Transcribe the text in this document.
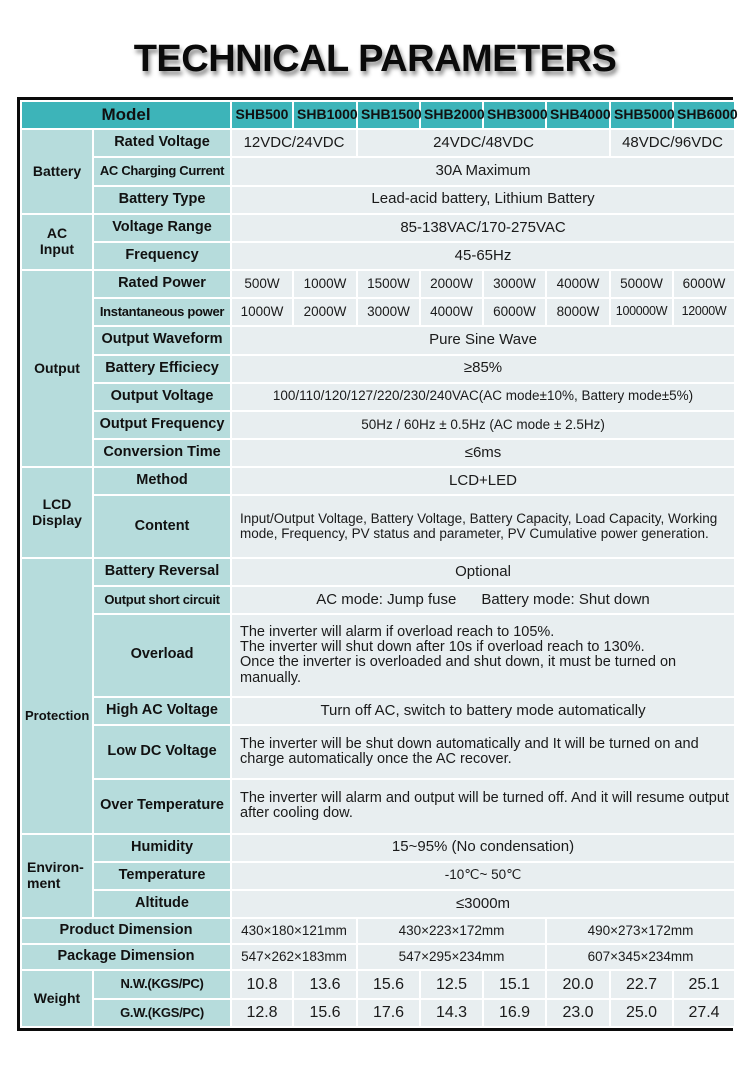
TECHNICAL PARAMETERS
Model		SHB500	SHB1000	SHB1500	SHB2000	SHB3000	SHB4000	SHB5000	SHB6000
Battery	Rated Voltage	12VDC/24VDC		24VDC/48VDC				48VDC/96VDC	
	AC Charging Current	30A Maximum							
	Battery Type	Lead-acid battery, Lithium Battery							
AC
Input	Voltage Range	85-138VAC/170-275VAC							
	Frequency	45-65Hz							
Output	Rated Power	500W	1000W	1500W	2000W	3000W	4000W	5000W	6000W
	Instantaneous power	1000W	2000W	3000W	4000W	6000W	8000W	100000W	12000W
	Output Waveform	Pure Sine Wave							
	Battery Efficiecy	≥85%							
	Output Voltage	100/110/120/127/220/230/240VAC(AC mode±10%, Battery mode±5%)							
	Output Frequency	50Hz / 60Hz ± 0.5Hz (AC mode ± 2.5Hz)							
	Conversion Time	≤6ms							
LCD
Display	Method	LCD+LED							
	Content	Input/Output Voltage, Battery Voltage, Battery Capacity, Load Capacity, Working mode, Frequency, PV status and parameter, PV Cumulative power generation.							
Protection	Battery Reversal	Optional							
	Output short circuit	AC mode: Jump fuse      Battery mode: Shut down							
	Overload	The inverter will alarm if overload reach to 105%.
The inverter will shut down after 10s if overload reach to 130%.
Once the inverter is overloaded and shut down, it must be turned on manually.							

	High AC Voltage	Turn off AC, switch to battery mode automatically							
	Low DC Voltage	The inverter will be shut down automatically and It will be turned on and charge automatically once the AC recover.							
	Over Temperature	The inverter will alarm and output will be turned off. And it will resume output after cooling dow.							
Environ-
ment	Humidity	15~95% (No condensation)							
	Temperature	-10℃~ 50℃							
	Altitude	≤3000m							
Product Dimension		430×180×121mm		430×223×172mm			490×273×172mm		
Package Dimension		547×262×183mm		547×295×234mm			607×345×234mm		
Weight	N.W.(KGS/PC)	10.8	13.6	15.6	12.5	15.1	20.0	22.7	25.1
	G.W.(KGS/PC)	12.8	15.6	17.6	14.3	16.9	23.0	25.0	27.4
